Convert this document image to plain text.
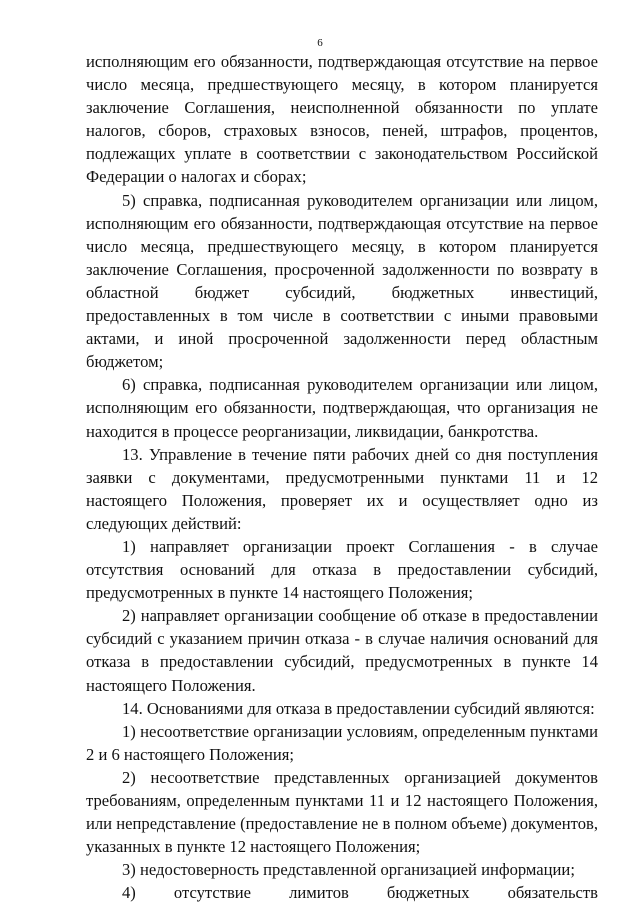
6

исполняющим его обязанности, подтверждающая отсутствие на первое число месяца, предшествующего месяцу, в котором планируется заключение Соглашения, неисполненной обязанности по уплате налогов, сборов, страховых взносов, пеней, штрафов, процентов, подлежащих уплате в соответствии с законодательством Российской Федерации о налогах и сборах;

5) справка, подписанная руководителем организации или лицом, исполняющим его обязанности, подтверждающая отсутствие на первое число месяца, предшествующего месяцу, в котором планируется заключение Соглашения, просроченной задолженности по возврату в областной бюджет субсидий, бюджетных инвестиций, предоставленных в том числе в соответствии с иными правовыми актами, и иной просроченной задолженности перед областным бюджетом;

6) справка, подписанная руководителем организации или лицом, исполняющим его обязанности, подтверждающая, что организация не находится в процессе реорганизации, ликвидации, банкротства.

13. Управление в течение пяти рабочих дней со дня поступления заявки с документами, предусмотренными пунктами 11 и 12 настоящего Положения, проверяет их и осуществляет одно из следующих действий:

1) направляет организации проект Соглашения - в случае отсутствия оснований для отказа в предоставлении субсидий, предусмотренных в пункте 14 настоящего Положения;

2) направляет организации сообщение об отказе в предоставлении субсидий с указанием причин отказа - в случае наличия оснований для отказа в предоставлении субсидий, предусмотренных в пункте 14 настоящего Положения.

14. Основаниями для отказа в предоставлении субсидий являются:

1) несоответствие организации условиям, определенным пунктами 2 и 6 настоящего Положения;

2) несоответствие представленных организацией документов требованиям, определенным пунктами 11 и 12 настоящего Положения, или непредставление (предоставление не в полном объеме) документов, указанных в пункте 12 настоящего Положения;

3) недостоверность представленной организацией информации;

4) отсутствие лимитов бюджетных обязательств
